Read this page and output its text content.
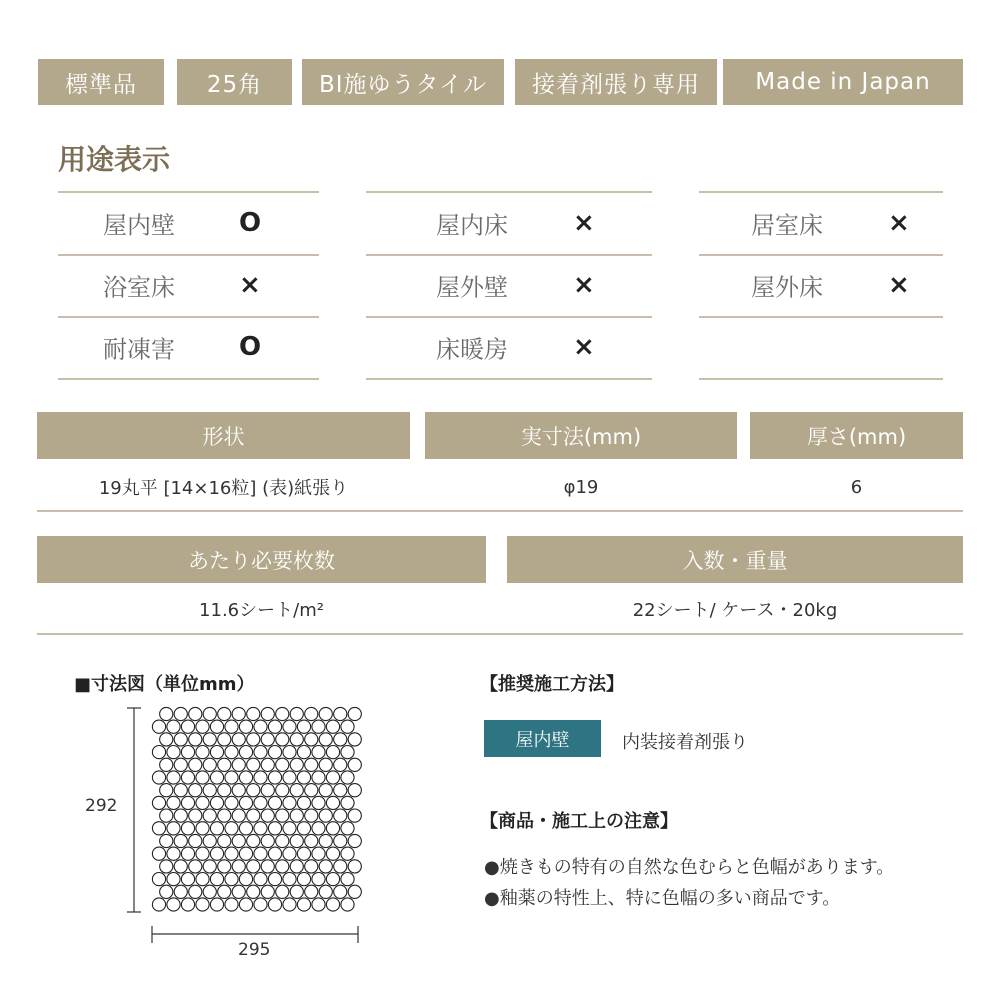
標準品	25角	BI施ゆうタイル	接着剤張り専用	Made in Japan
用途表示
屋内壁 O	屋内床	×	居室床	×
浴室床 ×	屋外壁	×	屋外床	×
耐凍害 O	床暖房	×
形状	実寸法(mm)	厚さ(mm)
19丸平 [14×16粒] (表)紙張り	φ19	6
あたり必要枚数	入数・重量
11.6シート/m²	22シート/ ケース・20kg
■寸法図（単位mm）
292
295
【推奨施工方法】
屋内壁	内装接着剤張り
【商品・施工上の注意】
●焼きもの特有の自然な色むらと色幅があります。
●釉薬の特性上、特に色幅の多い商品です。
